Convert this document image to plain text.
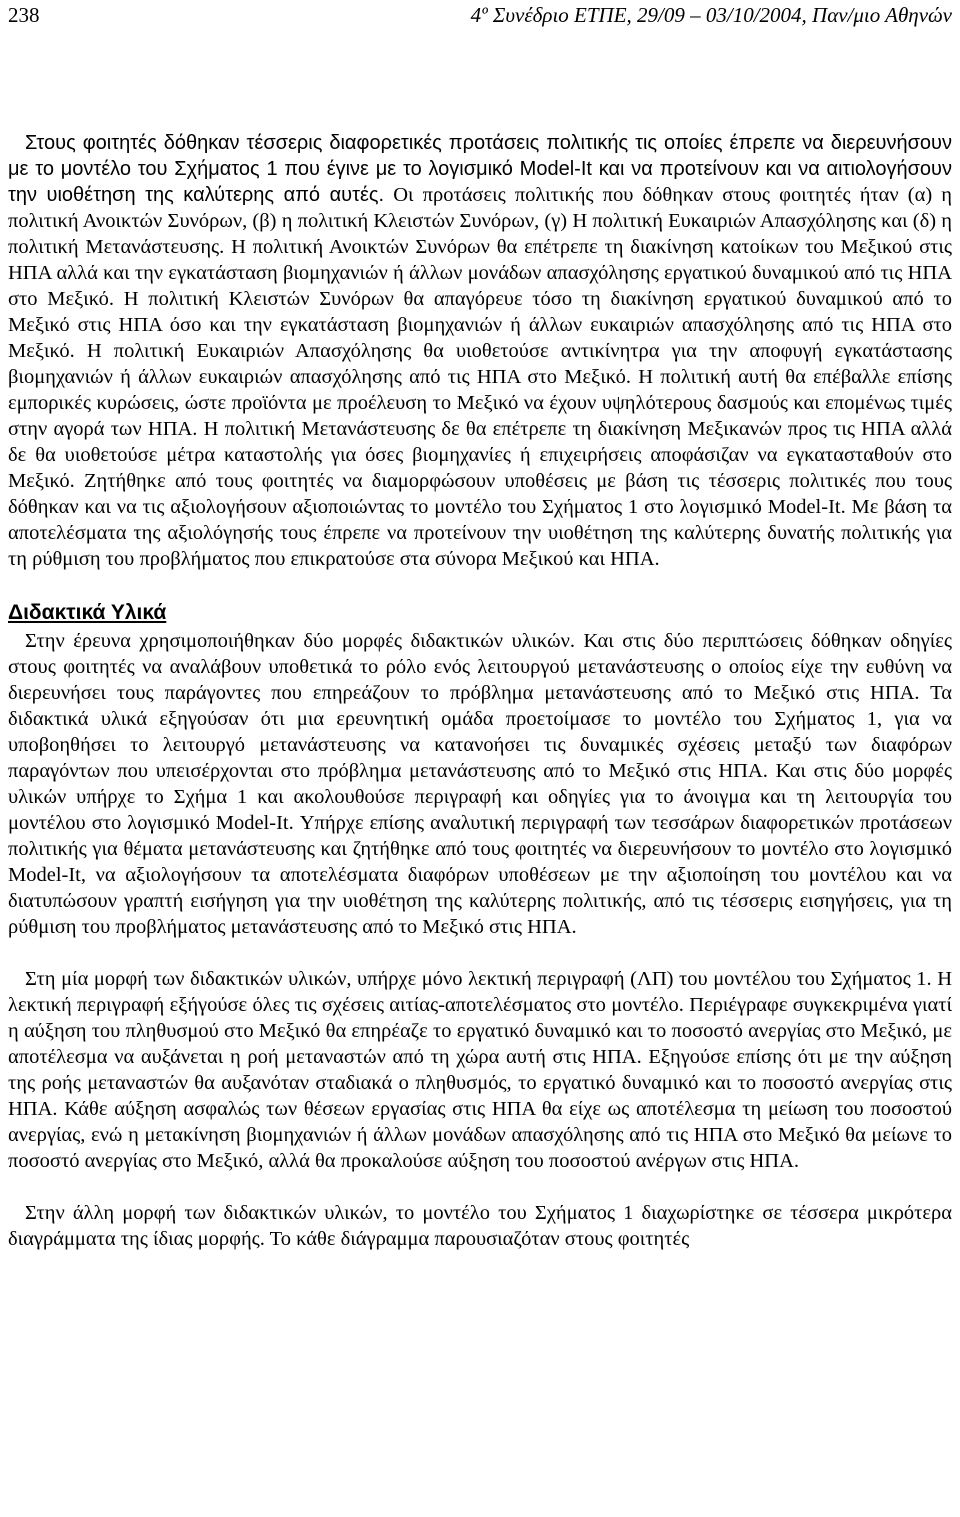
238	4º Συνέδριο ΕΤΠΕ, 29/09 – 03/10/2004, Παν/μιο Αθηνών

Στους φοιτητές δόθηκαν τέσσερις διαφορετικές προτάσεις πολιτικής τις οποίες έπρεπε να διερευνήσουν με το μοντέλο του Σχήματος 1 που έγινε με το λογισμικό Model-It και να προτείνουν και να αιτιολογήσουν την υιοθέτηση της καλύτερης από αυτές. Οι προτάσεις πολιτικής που δόθηκαν στους φοιτητές ήταν (α) η πολιτική Ανοικτών Συνόρων, (β) η πολιτική Κλειστών Συνόρων, (γ) Η πολιτική Ευκαιριών Απασχόλησης και (δ) η πολιτική Μετανάστευσης. Η πολιτική Ανοικτών Συνόρων θα επέτρεπε τη διακίνηση κατοίκων του Μεξικού στις ΗΠΑ αλλά και την εγκατάσταση βιομηχανιών ή άλλων μονάδων απασχόλησης εργατικού δυναμικού από τις ΗΠΑ στο Μεξικό. Η πολιτική Κλειστών Συνόρων θα απαγόρευε τόσο τη διακίνηση εργατικού δυναμικού από το Μεξικό στις ΗΠΑ όσο και την εγκατάσταση βιομηχανιών ή άλλων ευκαιριών απασχόλησης από τις ΗΠΑ στο Μεξικό. Η πολιτική Ευκαιριών Απασχόλησης θα υιοθετούσε αντικίνητρα για την αποφυγή εγκατάστασης βιομηχανιών ή άλλων ευκαιριών απασχόλησης από τις ΗΠΑ στο Μεξικό. Η πολιτική αυτή θα επέβαλλε επίσης εμπορικές κυρώσεις, ώστε προϊόντα με προέλευση το Μεξικό να έχουν υψηλότερους δασμούς και επομένως τιμές στην αγορά των ΗΠΑ. Η πολιτική Μετανάστευσης δε θα επέτρεπε τη διακίνηση Μεξικανών προς τις ΗΠΑ αλλά δε θα υιοθετούσε μέτρα καταστολής για όσες βιομηχανίες ή επιχειρήσεις αποφάσιζαν να εγκατασταθούν στο Μεξικό. Ζητήθηκε από τους φοιτητές να διαμορφώσουν υποθέσεις με βάση τις τέσσερις πολιτικές που τους δόθηκαν και να τις αξιολογήσουν αξιοποιώντας το μοντέλο του Σχήματος 1 στο λογισμικό Model-It. Με βάση τα αποτελέσματα της αξιολόγησής τους έπρεπε να προτείνουν την υιοθέτηση της καλύτερης δυνατής πολιτικής για τη ρύθμιση του προβλήματος που επικρατούσε στα σύνορα Μεξικού και ΗΠΑ.

Διδακτικά Υλικά

Στην έρευνα χρησιμοποιήθηκαν δύο μορφές διδακτικών υλικών. Και στις δύο περιπτώσεις δόθηκαν οδηγίες στους φοιτητές να αναλάβουν υποθετικά το ρόλο ενός λειτουργού μετανάστευσης ο οποίος είχε την ευθύνη να διερευνήσει τους παράγοντες που επηρεάζουν το πρόβλημα μετανάστευσης από το Μεξικό στις ΗΠΑ. Τα διδακτικά υλικά εξηγούσαν ότι μια ερευνητική ομάδα προετοίμασε το μοντέλο του Σχήματος 1, για να υποβοηθήσει το λειτουργό μετανάστευσης να κατανοήσει τις δυναμικές σχέσεις μεταξύ των διαφόρων παραγόντων που υπεισέρχονται στο πρόβλημα μετανάστευσης από το Μεξικό στις ΗΠΑ. Και στις δύο μορφές υλικών υπήρχε το Σχήμα 1 και ακολουθούσε περιγραφή και οδηγίες για το άνοιγμα και τη λειτουργία του μοντέλου στο λογισμικό Model-It. Υπήρχε επίσης αναλυτική περιγραφή των τεσσάρων διαφορετικών προτάσεων πολιτικής για θέματα μετανάστευσης και ζητήθηκε από τους φοιτητές να διερευνήσουν το μοντέλο στο λογισμικό Model-It, να αξιολογήσουν τα αποτελέσματα διαφόρων υποθέσεων με την αξιοποίηση του μοντέλου και να διατυπώσουν γραπτή εισήγηση για την υιοθέτηση της καλύτερης πολιτικής, από τις τέσσερις εισηγήσεις, για τη ρύθμιση του προβλήματος μετανάστευσης από το Μεξικό στις ΗΠΑ.

Στη μία μορφή των διδακτικών υλικών, υπήρχε μόνο λεκτική περιγραφή (ΛΠ) του μοντέλου του Σχήματος 1. Η λεκτική περιγραφή εξήγούσε όλες τις σχέσεις αιτίας-αποτελέσματος στο μοντέλο. Περιέγραφε συγκεκριμένα γιατί η αύξηση του πληθυσμού στο Μεξικό θα επηρέαζε το εργατικό δυναμικό και το ποσοστό ανεργίας στο Μεξικό, με αποτέλεσμα να αυξάνεται η ροή μεταναστών από τη χώρα αυτή στις ΗΠΑ. Εξηγούσε επίσης ότι με την αύξηση της ροής μεταναστών θα αυξανόταν σταδιακά ο πληθυσμός, το εργατικό δυναμικό και το ποσοστό ανεργίας στις ΗΠΑ. Κάθε αύξηση ασφαλώς των θέσεων εργασίας στις ΗΠΑ θα είχε ως αποτέλεσμα τη μείωση του ποσοστού ανεργίας, ενώ η μετακίνηση βιομηχανιών ή άλλων μονάδων απασχόλησης από τις ΗΠΑ στο Μεξικό θα μείωνε το ποσοστό ανεργίας στο Μεξικό, αλλά θα προκαλούσε αύξηση του ποσοστού ανέργων στις ΗΠΑ.

Στην άλλη μορφή των διδακτικών υλικών, το μοντέλο του Σχήματος 1 διαχωρίστηκε σε τέσσερα μικρότερα διαγράμματα της ίδιας μορφής. Το κάθε διάγραμμα παρουσιαζόταν στους φοιτητές
